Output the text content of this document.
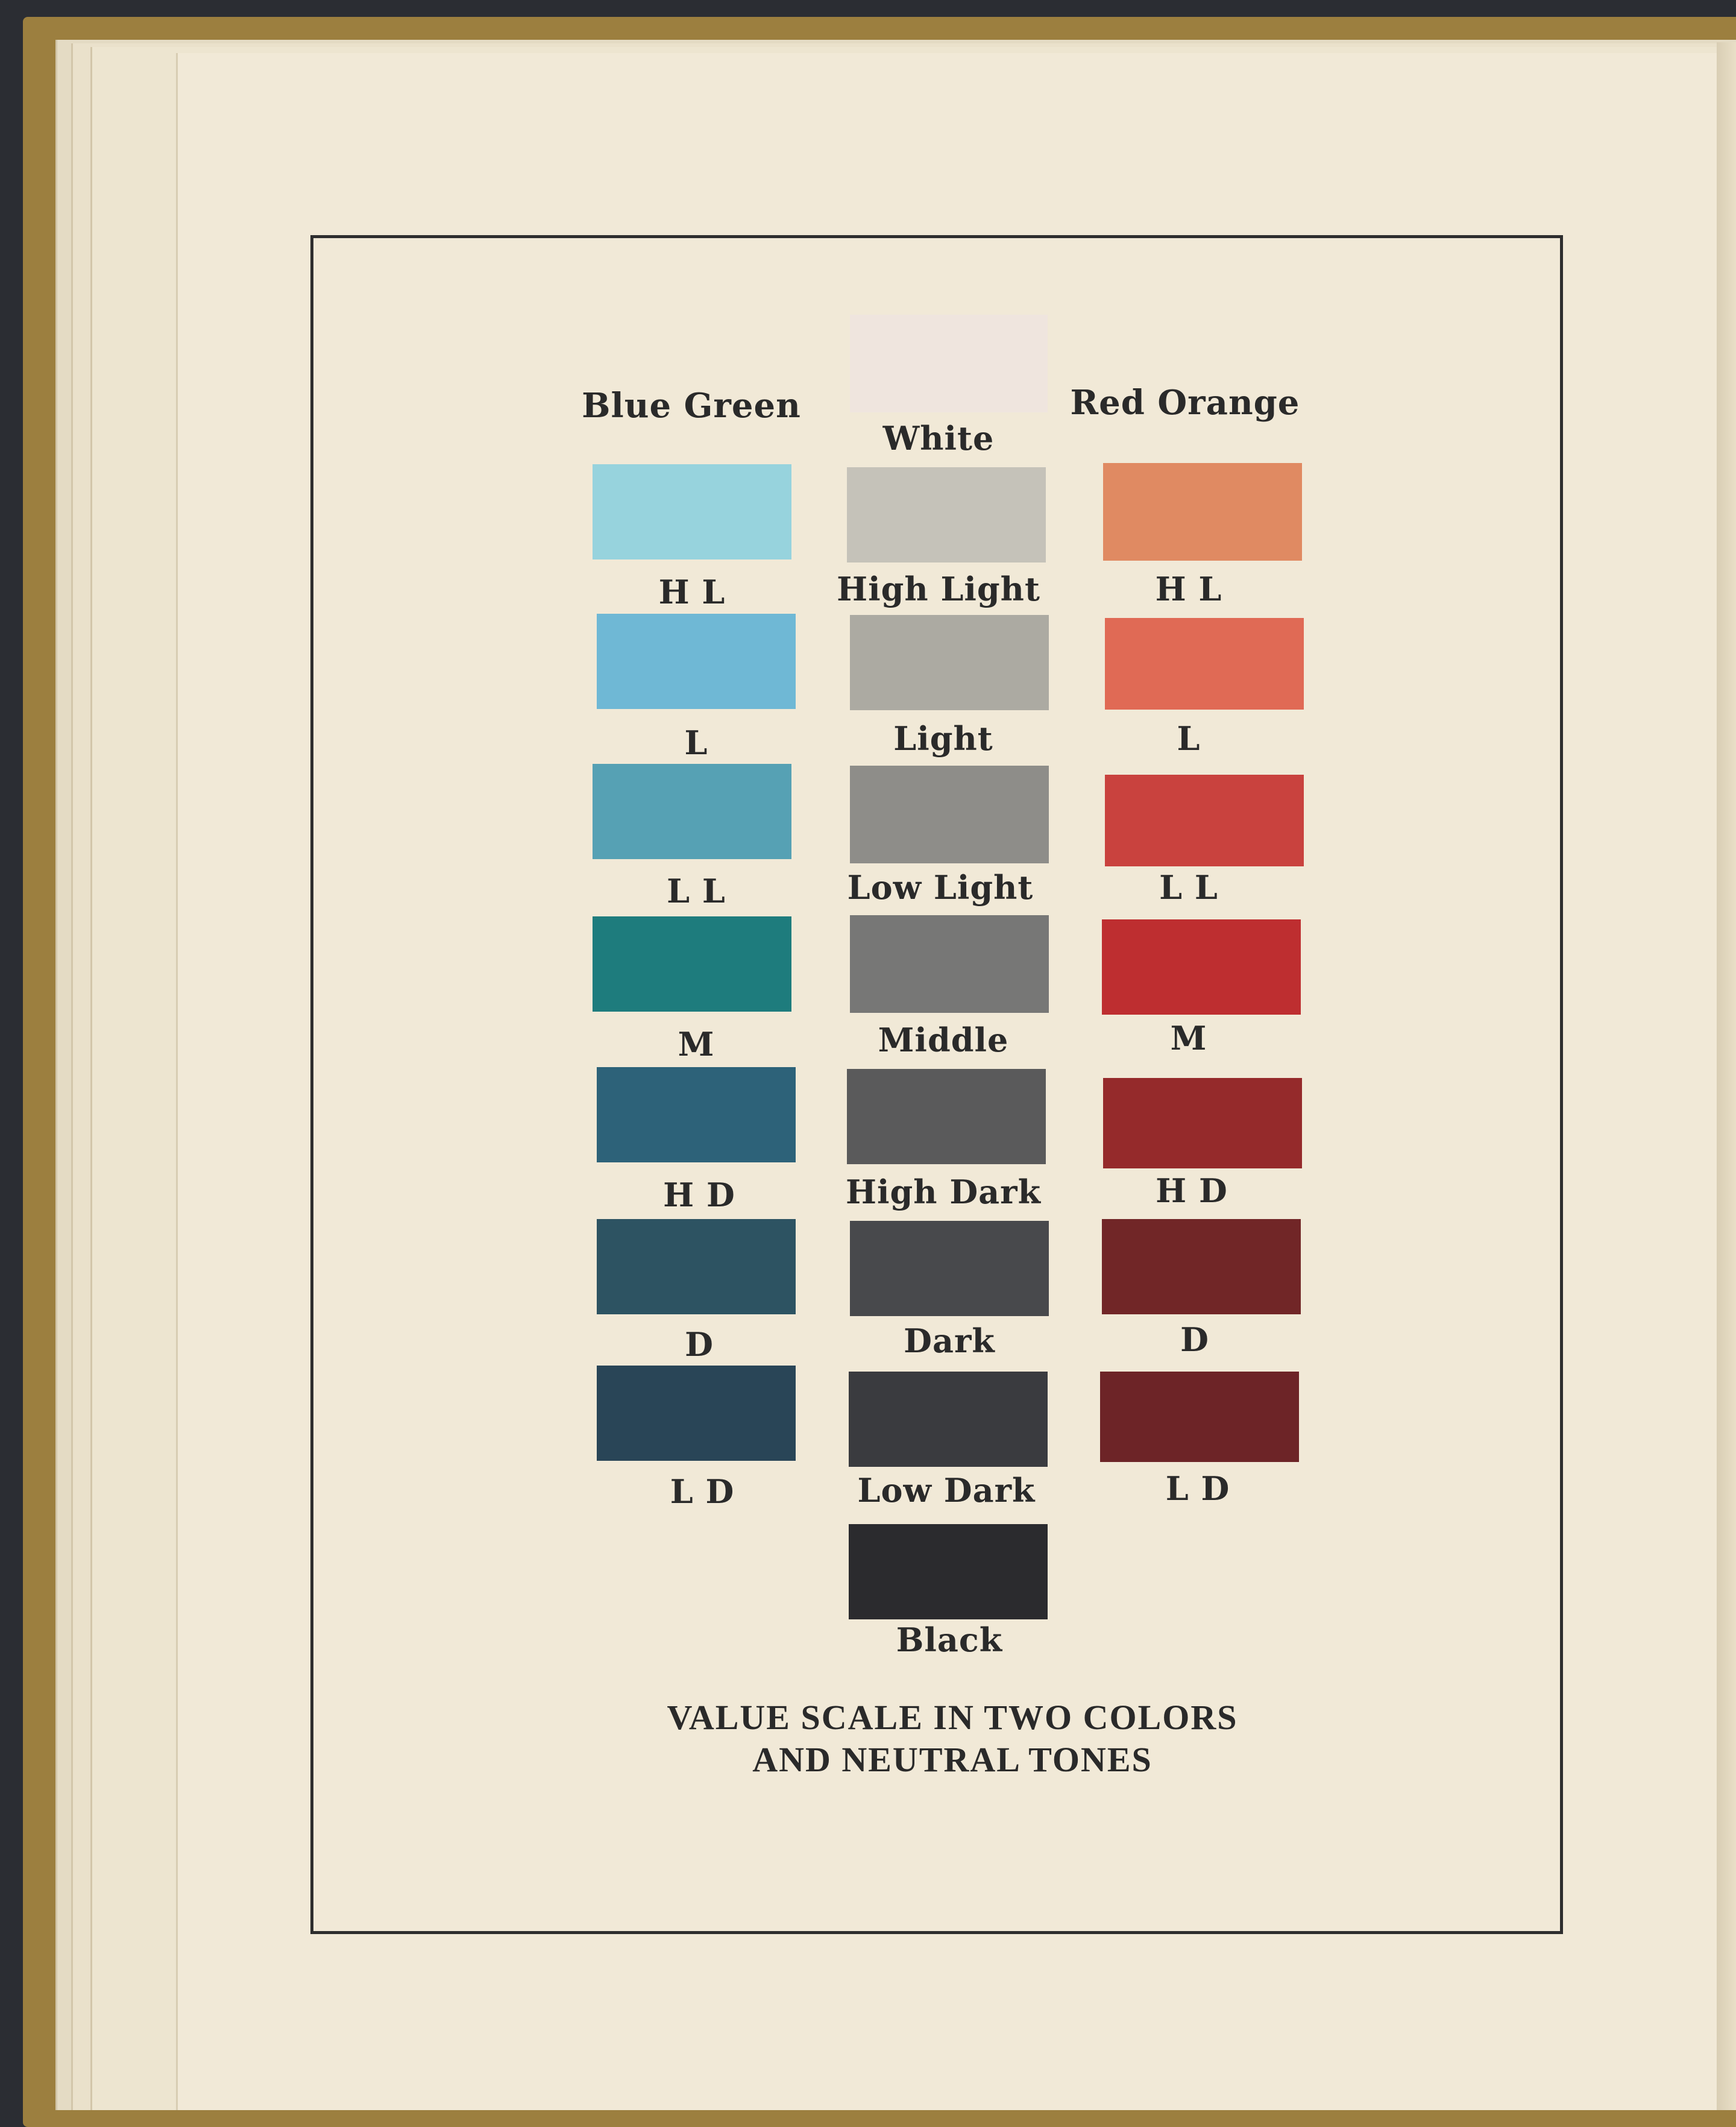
Blue Green	Red Orange
H L
L
L L
M
H D
D
L D
White
High Light
Light
Low Light
Middle
High Dark
Dark
Low Dark
Black
H L
L
L L
M
H D
D
L D
VALUE SCALE IN TWO COLORS
AND NEUTRAL TONES
